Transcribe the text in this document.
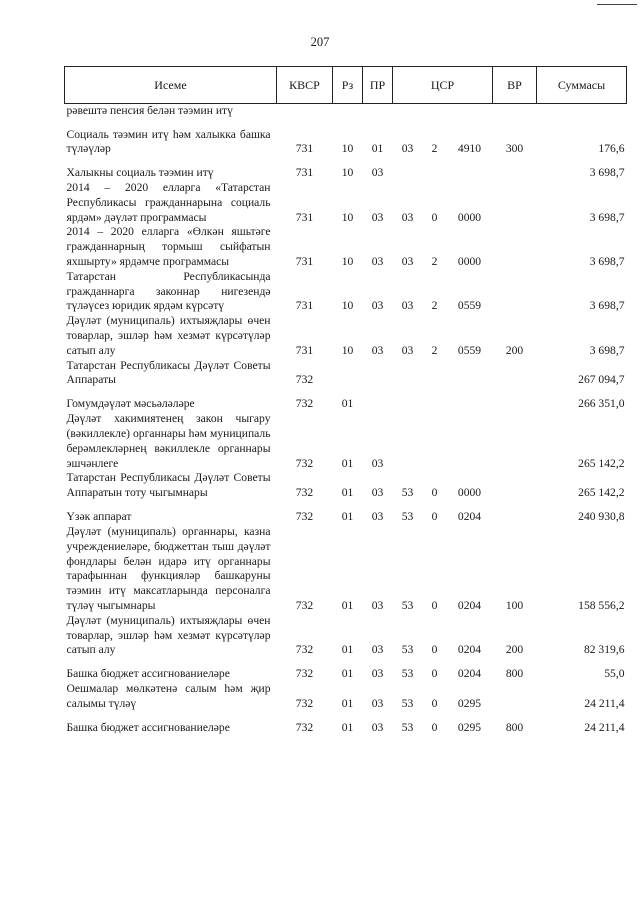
207
Исеме	КВСР	Рз	ПР	ЦСР			ВР	Суммасы
рәвештә пенсия белән тәэмин итү								
Социаль тәэмин итү һәм халыкка башка түләүләр	731	10	01	03	2	4910	300	176,6
Халыкны социаль тәэмин итү	731	10	03					3 698,7
2014 – 2020 елларга «Татарстан Республикасы гражданнарына социаль ярдәм» дәүләт программасы	731	10	03	03	0	0000		3 698,7
2014 – 2020 елларга «Өлкән яшьтәге гражданнарның тормыш сыйфатын яхшырту» ярдәмче программасы	731	10	03	03	2	0000		3 698,7
Татарстан Республикасында гражданнарга законнар нигезендә түләүсез юридик ярдәм күрсәтү	731	10	03	03	2	0559		3 698,7
Дәүләт (муниципаль) ихтыяҗлары өчен товарлар, эшләр һәм хезмәт күрсәтүләр сатып алу	731	10	03	03	2	0559	200	3 698,7
Татарстан Республикасы Дәүләт Советы Аппараты	732							267 094,7
Гомумдәүләт мәсьәләләре	732	01						266 351,0
Дәүләт хакимиятенең закон чыгару (вәкиллекле) органнары һәм муниципаль берәмлекләрнең вәкиллекле органнары эшчәнлеге	732	01	03					265 142,2
Татарстан Республикасы Дәүләт Советы Аппаратын тоту чыгымнары	732	01	03	53	0	0000		265 142,2
Үзәк аппарат	732	01	03	53	0	0204		240 930,8
Дәүләт (муниципаль) органнары, казна учреждениеләре, бюджеттан тыш дәүләт фондлары белән идарә итү органнары тарафыннан функцияләр башкаруны тәэмин итү максатларында персоналга түләү чыгымнары	732	01	03	53	0	0204	100	158 556,2
Дәүләт (муниципаль) ихтыяҗлары өчен товарлар, эшләр һәм хезмәт күрсәтүләр сатып алу	732	01	03	53	0	0204	200	82 319,6
Башка бюджет ассигнованиеләре	732	01	03	53	0	0204	800	55,0
Оешмалар мөлкәтенә салым һәм җир салымы түләү	732	01	03	53	0	0295		24 211,4
Башка бюджет ассигнованиеләре	732	01	03	53	0	0295	800	24 211,4
